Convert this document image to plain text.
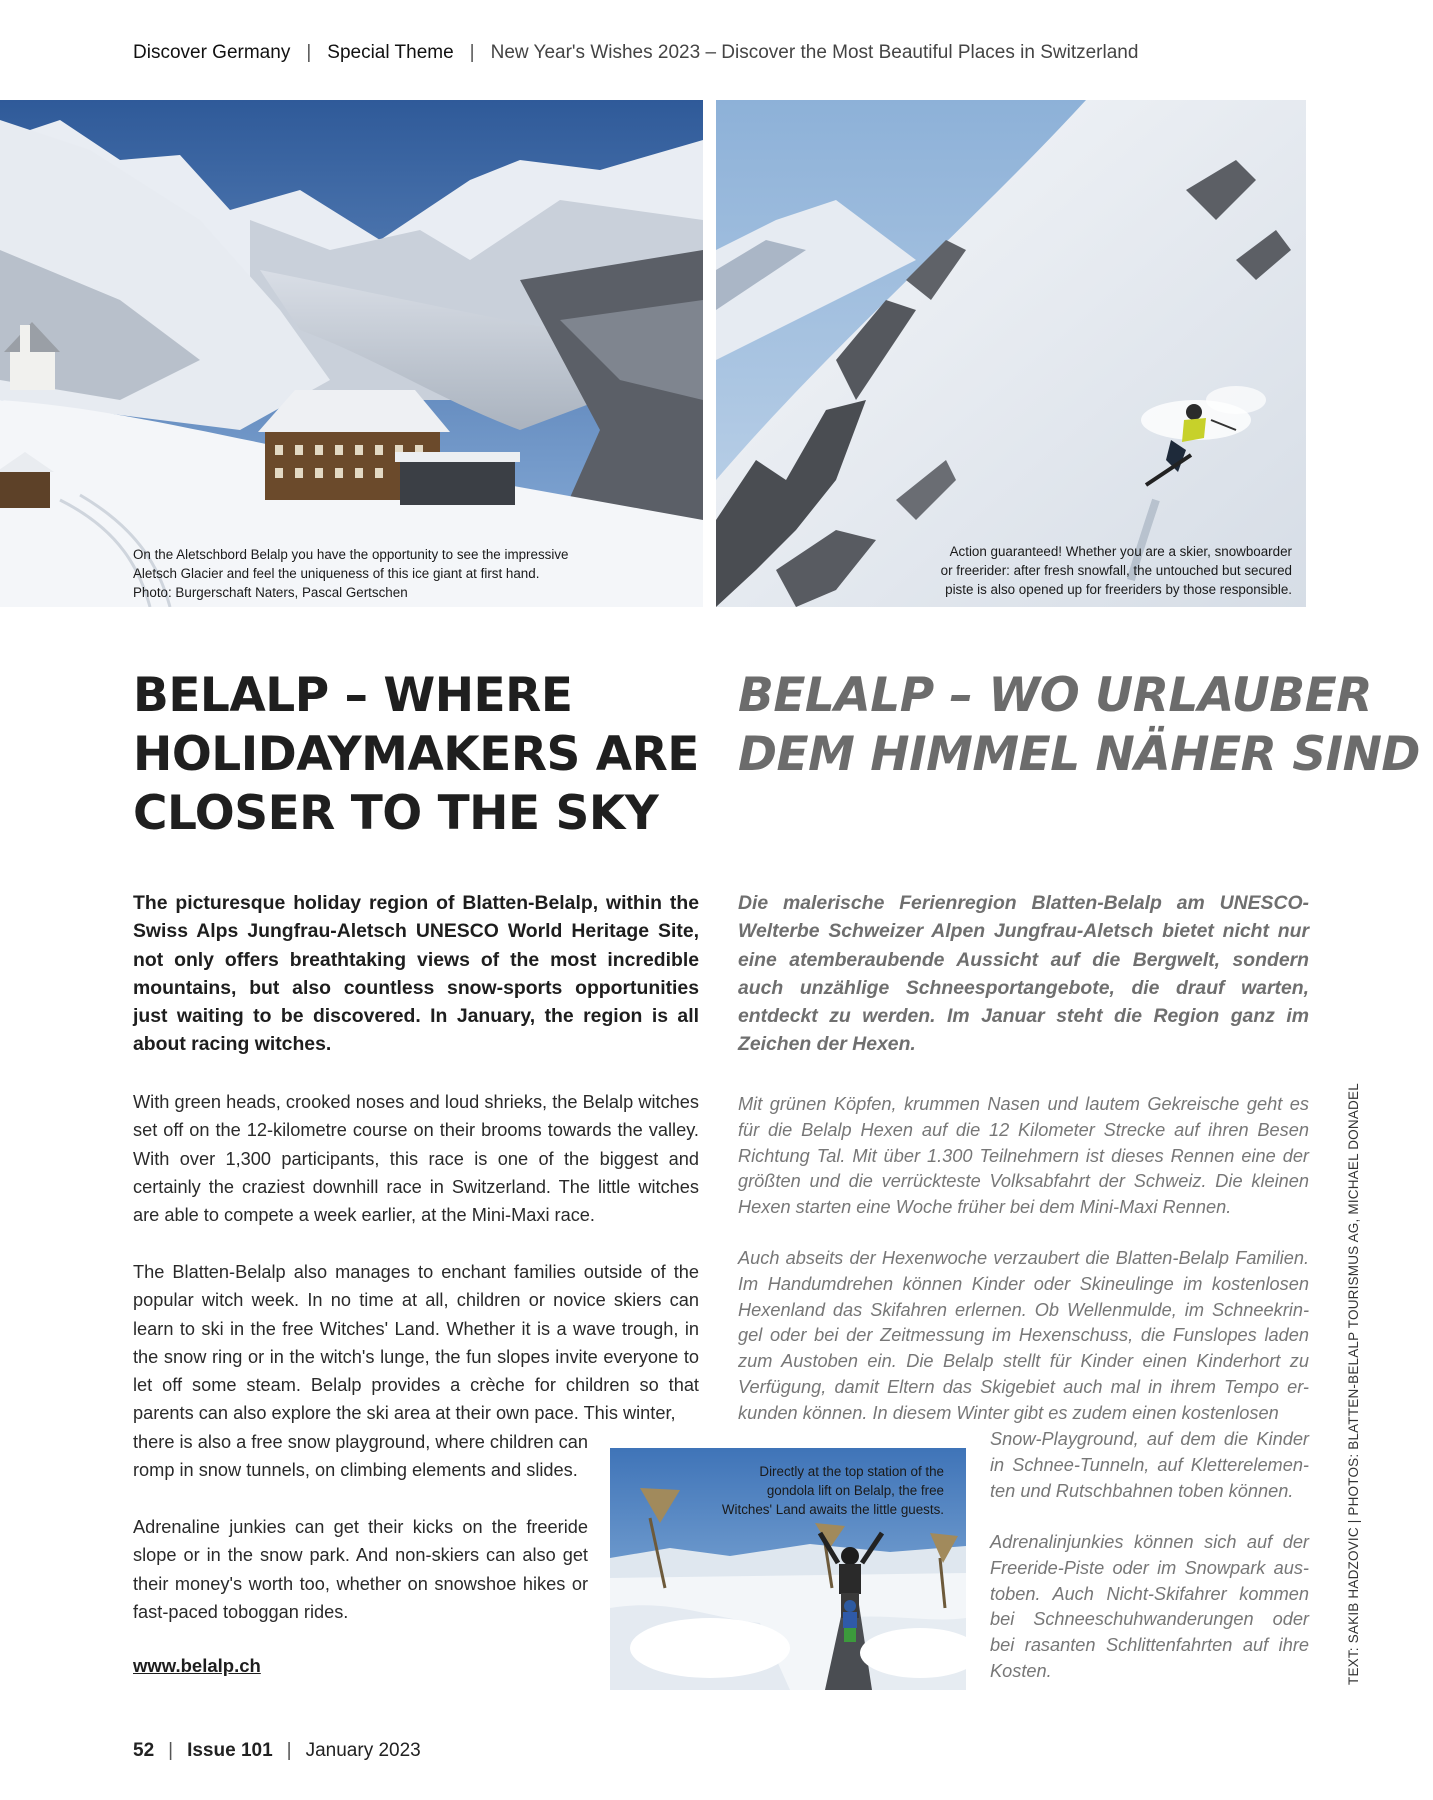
Discover Germany | Special Theme | New Year's Wishes 2023 – Discover the Most Beautiful Places in Switzerland
On the Aletschbord Belalp you have the opportunity to see the impressive
Aletsch Glacier and feel the uniqueness of this ice giant at first hand.
Photo: Burgerschaft Naters, Pascal Gertschen
Action guaranteed! Whether you are a skier, snowboarder
or freerider: after fresh snowfall, the untouched but secured
piste is also opened up for freeriders by those responsible.
BELALP – WHERE
HOLIDAYMAKERS ARE
CLOSER TO THE SKY
BELALP – WO URLAUBER
DEM HIMMEL NÄHER SIND
The picturesque holiday region of Blatten-Belalp, within the Swiss Alps Jungfrau-Aletsch UNESCO World Heritage Site, not only offers breathtaking views of the most incredible mountains, but also countless snow-sports opportunities just waiting to be discovered. In January, the region is all about racing witches.

With green heads, crooked noses and loud shrieks, the Belalp witches set off on the 12-kilometre course on their brooms towards the valley. With over 1,300 participants, this race is one of the biggest and certainly the craziest downhill race in Switzerland. The little witches are able to compete a week earlier, at the Mini-Maxi race.

The Blatten-Belalp also manages to enchant families outside of the popular witch week. In no time at all, children or novice skiers can learn to ski in the free Witches' Land. Whether it is a wave trough, in the snow ring or in the witch's lunge, the fun slopes invite everyone to let off some steam. Belalp provides a crèche for children so that parents can also explore the ski area at their own pace. This winter,

there is also a free snow playground, where children can romp in snow tunnels, on climbing elements and slides.

Adrenaline junkies can get their kicks on the freeride slope or in the snow park. And non-skiers can also get their money's worth too, whether on snowshoe hikes or fast-paced toboggan rides.

www.belalp.ch
Die malerische Ferienregion Blatten-Belalp am UNESCO-Welterbe Schweizer Alpen Jungfrau-Aletsch bietet nicht nur eine atemberaubende Aussicht auf die Bergwelt, sondern auch unzählige Schneesportangebote, die drauf warten, entdeckt zu werden. Im Januar steht die Region ganz im Zeichen der Hexen.

Mit grünen Köpfen, krummen Nasen und lautem Gekreische geht es für die Belalp Hexen auf die 12 Kilometer Strecke auf ihren Besen Richtung Tal. Mit über 1.300 Teilnehmern ist dieses Rennen eine der größten und die verrückteste Volksabfahrt der Schweiz. Die kleinen Hexen starten eine Woche früher bei dem Mini-Maxi Rennen.

Auch abseits der Hexenwoche verzaubert die Blatten-Belalp Familien. Im Handumdrehen können Kinder oder Skineulinge im kostenlosen Hexenland das Skifahren erlernen. Ob Wellenmulde, im Schneekrin-gel oder bei der Zeitmessung im Hexenschuss, die Funslopes laden zum Austoben ein. Die Belalp stellt für Kinder einen Kinderhort zu Verfügung, damit Eltern das Skigebiet auch mal in ihrem Tempo er-kunden können. In diesem Winter gibt es zudem einen kostenlosen

Snow-Playground, auf dem die Kinder in Schnee-Tunneln, auf Kletterelemen-ten und Rutschbahnen toben können.

Adrenalinjunkies können sich auf der Freeride-Piste oder im Snowpark aus-toben. Auch Nicht-Skifahrer kommen bei Schneeschuhwanderungen oder bei rasanten Schlittenfahrten auf ihre Kosten.

Directly at the top station of the
gondola lift on Belalp, the free
Witches' Land awaits the little guests.	TEXT: SAKIB HADZOVIC | PHOTOS: BLATTEN-BELALP TOURISMUS AG, MICHAEL DONADEL
52 | Issue 101 | January 2023
